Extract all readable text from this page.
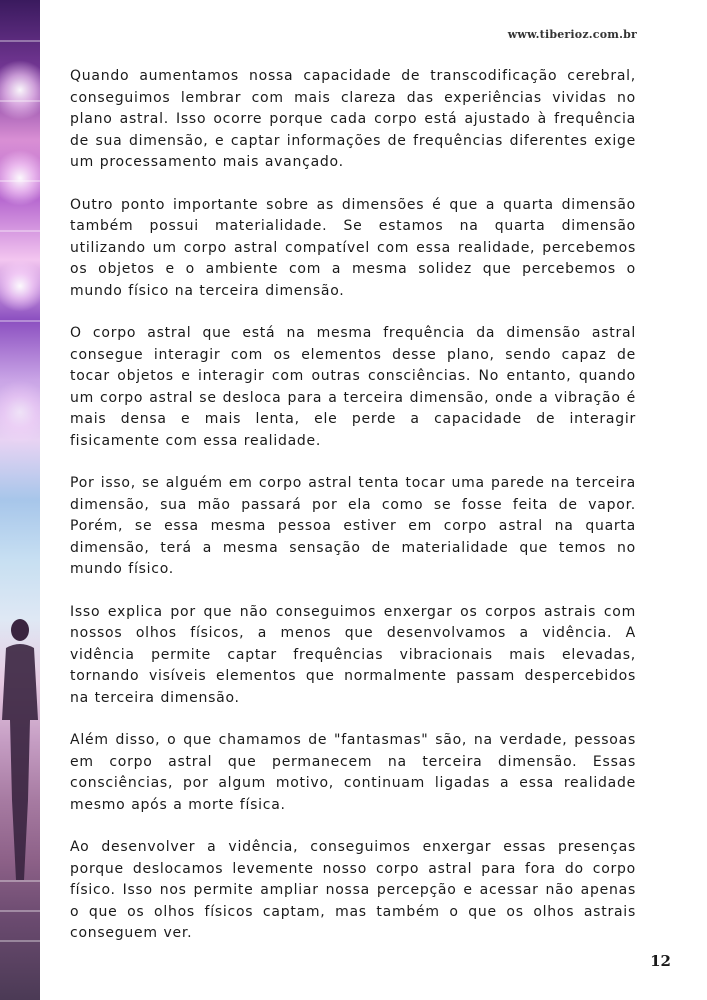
www.tiberioz.com.br

Quando aumentamos nossa capacidade de transcodificação cerebral, conseguimos lembrar com mais clareza das experiências vividas no plano astral. Isso ocorre porque cada corpo está ajustado à frequência de sua dimensão, e captar informações de frequências diferentes exige um processamento mais avançado.

Outro ponto importante sobre as dimensões é que a quarta dimensão também possui materialidade. Se estamos na quarta dimensão utilizando um corpo astral compatível com essa realidade, percebemos os objetos e o ambiente com a mesma solidez que percebemos o mundo físico na terceira dimensão.

O corpo astral que está na mesma frequência da dimensão astral consegue interagir com os elementos desse plano, sendo capaz de tocar objetos e interagir com outras consciências. No entanto, quando um corpo astral se desloca para a terceira dimensão, onde a vibração é mais densa e mais lenta, ele perde a capacidade de interagir fisicamente com essa realidade.

Por isso, se alguém em corpo astral tenta tocar uma parede na terceira dimensão, sua mão passará por ela como se fosse feita de vapor. Porém, se essa mesma pessoa estiver em corpo astral na quarta dimensão, terá a mesma sensação de materialidade que temos no mundo físico.

Isso explica por que não conseguimos enxergar os corpos astrais com nossos olhos físicos, a menos que desenvolvamos a vidência. A vidência permite captar frequências vibracionais mais elevadas, tornando visíveis elementos que normalmente passam despercebidos na terceira dimensão.

Além disso, o que chamamos de "fantasmas" são, na verdade, pessoas em corpo astral que permanecem na terceira dimensão. Essas consciências, por algum motivo, continuam ligadas a essa realidade mesmo após a morte física.

Ao desenvolver a vidência, conseguimos enxergar essas presenças porque deslocamos levemente nosso corpo astral para fora do corpo físico. Isso nos permite ampliar nossa percepção e acessar não apenas o que os olhos físicos captam, mas também o que os olhos astrais conseguem ver.

12
